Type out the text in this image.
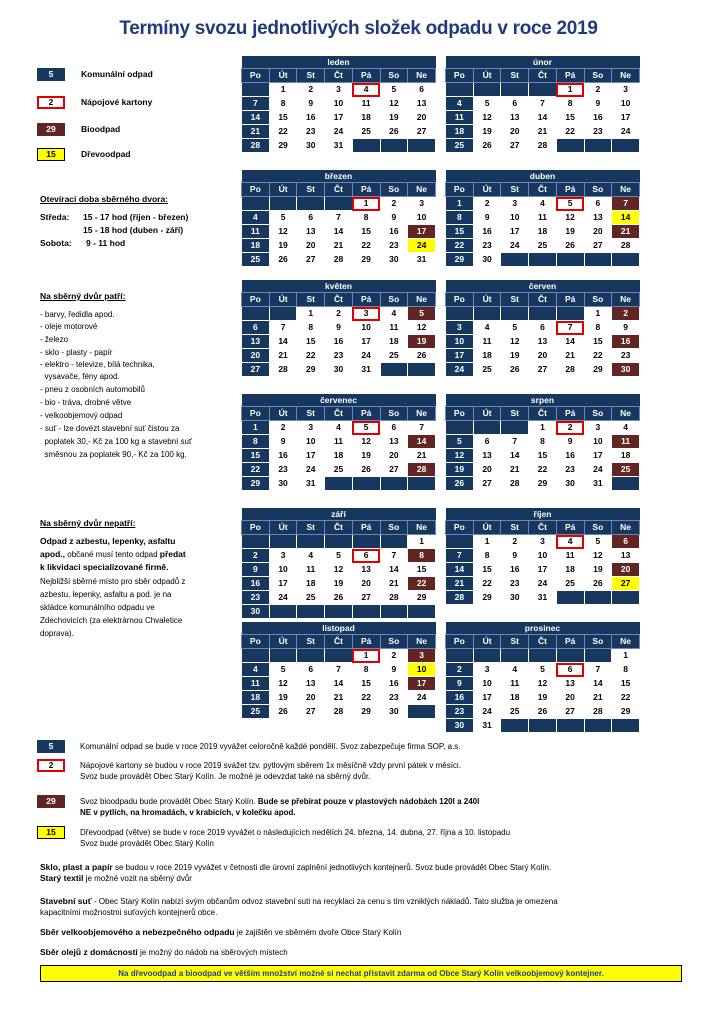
Termíny svozu jednotlivých složek odpadu v roce 2019
5	Komunální odpad
2	Nápojové kartony
29	Bioodpad
15	Dřevoodpad
Otevírací doba sběrného dvora:
Středa: 15 - 17 hod (říjen - březen)
15 - 18 hod (duben - září)
Sobota: 9 - 11 hod
Na sběrný dvůr patří:
- barvy, ředidla apod.
- oleje motorové
- železo
- sklo - plasty - papír
- elektro - televize, bílá technika,
vysavače, fény apod.
- pneu z osobních automobilů
- bio - tráva, drobné větve
- velkoobjemový odpad
- suť - lze dovézt stavební suť čistou za
poplatek 30,- Kč za 100 kg a stavební suť
směsnou za poplatek 90,- Kč za 100 kg.
Na sběrný dvůr nepatří:
Odpad z azbestu, lepenky, asfaltu
apod., občané musí tento odpad předat
k likvidaci specializované firmě.
Nejbližší sběrné místo pro sběr odpadů z
azbestu, lepenky, asfaltu a pod. je na
skládce komunálního odpadu ve
Zdechovicích (za elektrárnou Chvaletice
doprava).
leden						
Po	Út	St	Čt	Pá	So	Ne
	1	2	3	4	5	6
7	8	9	10	11	12	13
14	15	16	17	18	19	20
21	22	23	24	25	26	27
28	29	30	31			
únor						
Po	Út	St	Čt	Pá	So	Ne
				1	2	3
4	5	6	7	8	9	10
11	12	13	14	15	16	17
18	19	20	21	22	23	24
25	26	27	28			
březen						
Po	Út	St	Čt	Pá	So	Ne
				1	2	3
4	5	6	7	8	9	10
11	12	13	14	15	16	17
18	19	20	21	22	23	24
25	26	27	28	29	30	31
duben						
Po	Út	St	Čt	Pá	So	Ne
1	2	3	4	5	6	7
8	9	10	11	12	13	14
15	16	17	18	19	20	21
22	23	24	25	26	27	28
29	30					
květen						
Po	Út	St	Čt	Pá	So	Ne
		1	2	3	4	5
6	7	8	9	10	11	12
13	14	15	16	17	18	19
20	21	22	23	24	25	26
27	28	29	30	31		
červen						
Po	Út	St	Čt	Pá	So	Ne
					1	2
3	4	5	6	7	8	9
10	11	12	13	14	15	16
17	18	19	20	21	22	23
24	25	26	27	28	29	30
červenec						
Po	Út	St	Čt	Pá	So	Ne
1	2	3	4	5	6	7
8	9	10	11	12	13	14
15	16	17	18	19	20	21
22	23	24	25	26	27	28
29	30	31				
srpen						
Po	Út	St	Čt	Pá	So	Ne
			1	2	3	4
5	6	7	8	9	10	11
12	13	14	15	16	17	18
19	20	21	22	23	24	25
26	27	28	29	30	31	
září						
Po	Út	St	Čt	Pá	So	Ne
						1
2	3	4	5	6	7	8
9	10	11	12	13	14	15
16	17	18	19	20	21	22
23	24	25	26	27	28	29
30						
říjen						
Po	Út	St	Čt	Pá	So	Ne
	1	2	3	4	5	6
7	8	9	10	11	12	13
14	15	16	17	18	19	20
21	22	23	24	25	26	27
28	29	30	31			
listopad						
Po	Út	St	Čt	Pá	So	Ne
				1	2	3
4	5	6	7	8	9	10
11	12	13	14	15	16	17
18	19	20	21	22	23	24
25	26	27	28	29	30	
prosinec						
Po	Út	St	Čt	Pá	So	Ne
						1
2	3	4	5	6	7	8
9	10	11	12	13	14	15
16	17	18	19	20	21	22
23	24	25	26	27	28	29
30	31					
5	Komunální odpad se bude v roce 2019 vyvážet celoročně každé pondělí. Svoz zabezpečuje firma SOP, a.s.
2	Nápojové kartony se budou v roce 2019 svážet tzv. pytlovým sběrem 1x měsíčně vždy první pátek v měsíci.
Svoz bude provádět Obec Starý Kolín. Je možné je odevzdat také na sběrný dvůr.
29	Svoz bioodpadu bude provádět Obec Starý Kolín. Bude se přebírat pouze v plastových nádobách 120l a 240l
NE v pytlích, na hromadách, v krabicích, v kolečku apod.
15	Dřevoodpad (větve) se bude v roce 2019 vyvážet o následujících nedělích 24. března, 14. dubna, 27. října a 10. listopadu
Svoz bude provádět Obec Starý Kolín
Sklo, plast a papír se budou v roce 2019 vyvážet v četnosti dle úrovní zaplnění jednotlivých kontejnerů. Svoz bude provádět Obec Starý Kolín.
Starý textil je možné vozit na sběrný dvůr
Stavební suť - Obec Starý Kolín nabízí svým občanům odvoz stavební suti na recyklaci za cenu s tím vzniklých nákladů. Tato služba je omezena
kapacitními možnostmi suťových kontejnerů obce.
Sběr velkoobjemového a nebezpečného odpadu je zajištěn ve sběrném dvoře Obce Starý Kolín
Sběr olejů z domácností je možný do nádob na sběrových místech
Na dřevoodpad a bioodpad ve větším množství možné si nechat přistavit zdarma od Obce Starý Kolín velkoobjemový kontejner.
